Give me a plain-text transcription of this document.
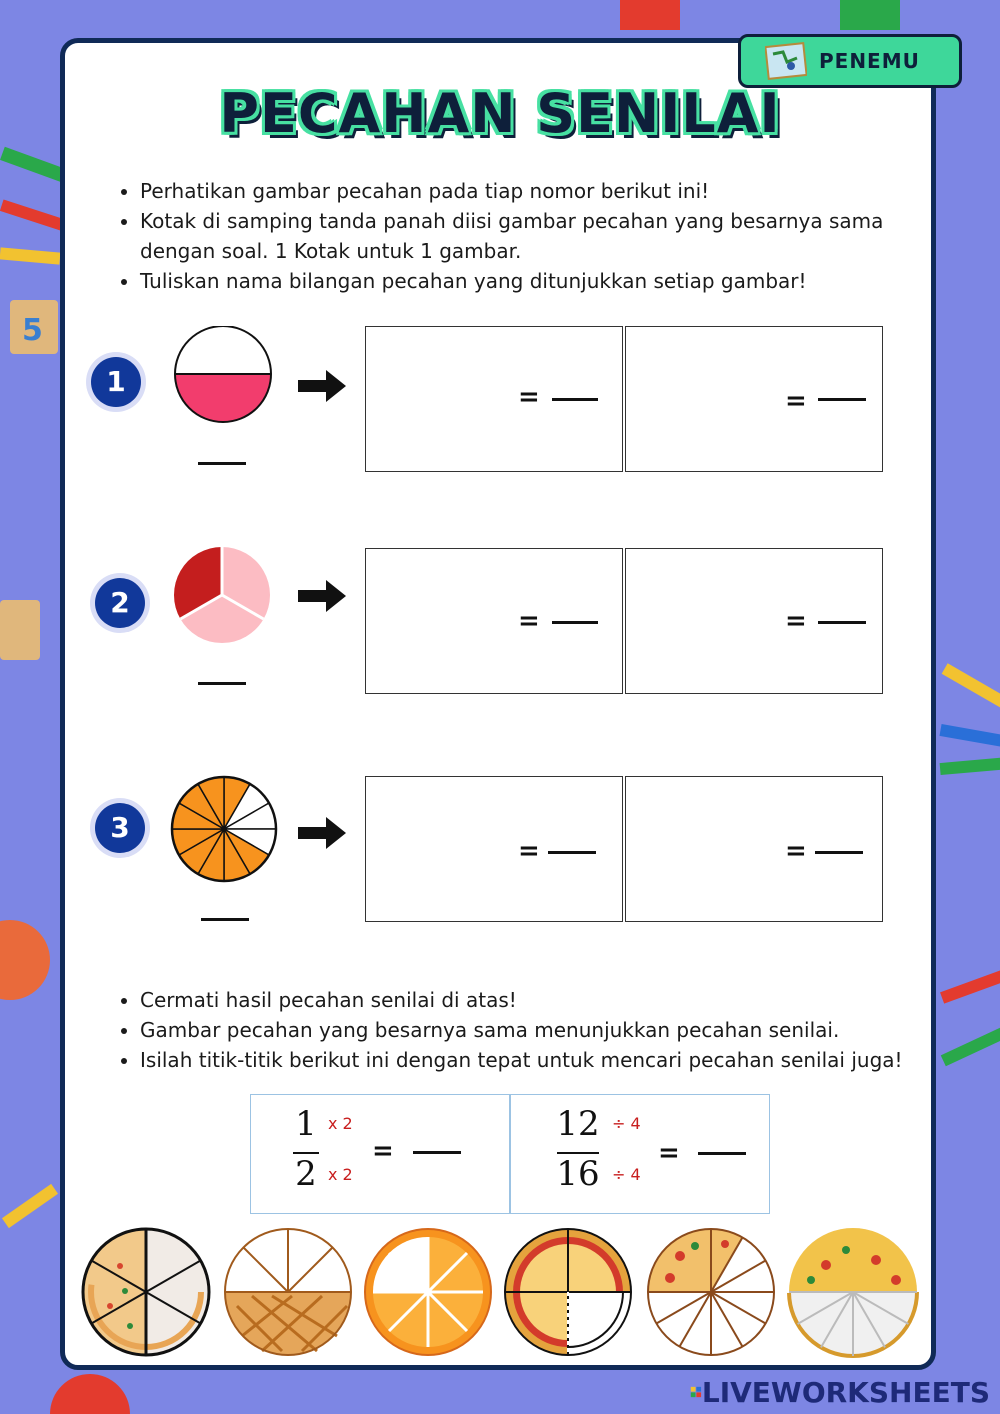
5
PENEMU
PECAHAN SENILAI
• Perhatikan gambar pecahan pada tiap nomor berikut ini!
• Kotak di samping tanda panah diisi gambar pecahan yang besarnya sama dengan soal. 1 Kotak untuk 1 gambar.
• Tuliskan nama bilangan pecahan yang ditunjukkan setiap gambar!
1	=	=
2
=	=
3
=	=
• Cermati hasil pecahan senilai di atas!
• Gambar pecahan yang besarnya sama menunjukkan pecahan senilai.
• Isilah titik-titik berikut ini dengan tepat untuk mencari pecahan senilai juga!
1
2
x 2
x 2
=
12
16
÷ 4
÷ 4
=
LIVEWORKSHEETS
